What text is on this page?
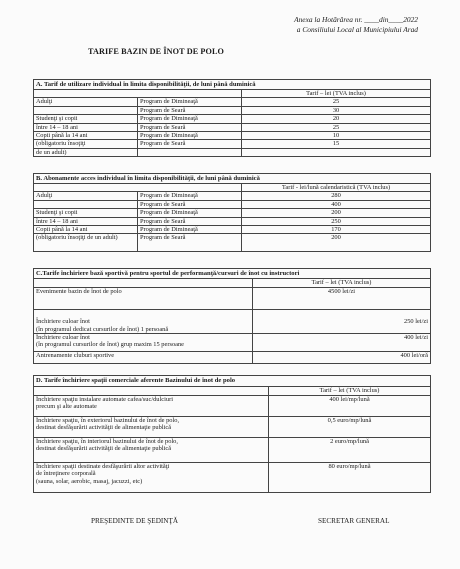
Anexa la Hotărârea nr. ____din____2022
a Consiliului Local al Municipiului Arad
TARIFE BAZIN DE ÎNOT DE POLO
A. Tarif de utilizare individual în limita disponibilităţii, de luni până duminică		
		Tarif – lei (TVA inclus)
Adulţi	Program de Dimineaţă	25
	Program de Seară	30
Studenţi şi copii	Program de Dimineaţă	20
între 14 – 18 ani	Program de Seară	25
Copii până la 14 ani	Program de Dimineaţă	10
(obligatoriu însoţiţi	Program de Seară	15
de un adult)		
B. Abonamente acces individual în limita disponibilităţii, de luni până duminică		
		Tarif - lei/lună calendaristică (TVA inclus)
Adulţi	Program de Dimineaţă	280
	Program de Seară	400
Studenţi şi copii	Program de Dimineaţă	200
între 14 – 18 ani	Program de Seară	250
Copii până la 14 ani	Program de Dimineaţă	170
(obligatoriu însoţiţi de un adult)	Program de Seară	200
C.Tarife închiriere bază sportivă pentru sportul de performanţă/cursuri de înot cu instructori	
	Tarif – lei (TVA inclus)

Evenimente bazin de înot de polo	4500 lei/zi

Închiriere culoar înot
(în programul dedicat cursurilor de înot) 1 persoană	250 lei/zi

Închiriere culoar înot
(în programul cursurilor de înot) grup maxim 15 persoane	400 lei/zi

Antrenamente cluburi sportive	400 lei/oră
D. Tarife închiriere spaţii comerciale aferente Bazinului de înot de polo	
	Tarif – lei (TVA inclus)

Închiriere spaţiu instalare automate cafea/suc/dulciuri
precum şi alte automate	400 lei/mp/lună

Închiriere spaţiu, în exteriorul bazinului de înot de polo,
destinat desfăşurării activităţii de alimentaţie publică	0,5 euro/mp/lună

Închiriere spaţiu, în interiorul bazinului de înot de polo,
destinat desfăşurării activităţii de alimentaţie publică	2 euro/mp/lună

Închiriere spaţii destinate desfăşurării altor activităţi
de întreţinere corporală
(sauna, solar, aerobic, masaj, jacuzzi, etc)	80 euro/mp/lună
PREŞEDINTE DE ŞEDINŢĂ	SECRETAR GENERAL
